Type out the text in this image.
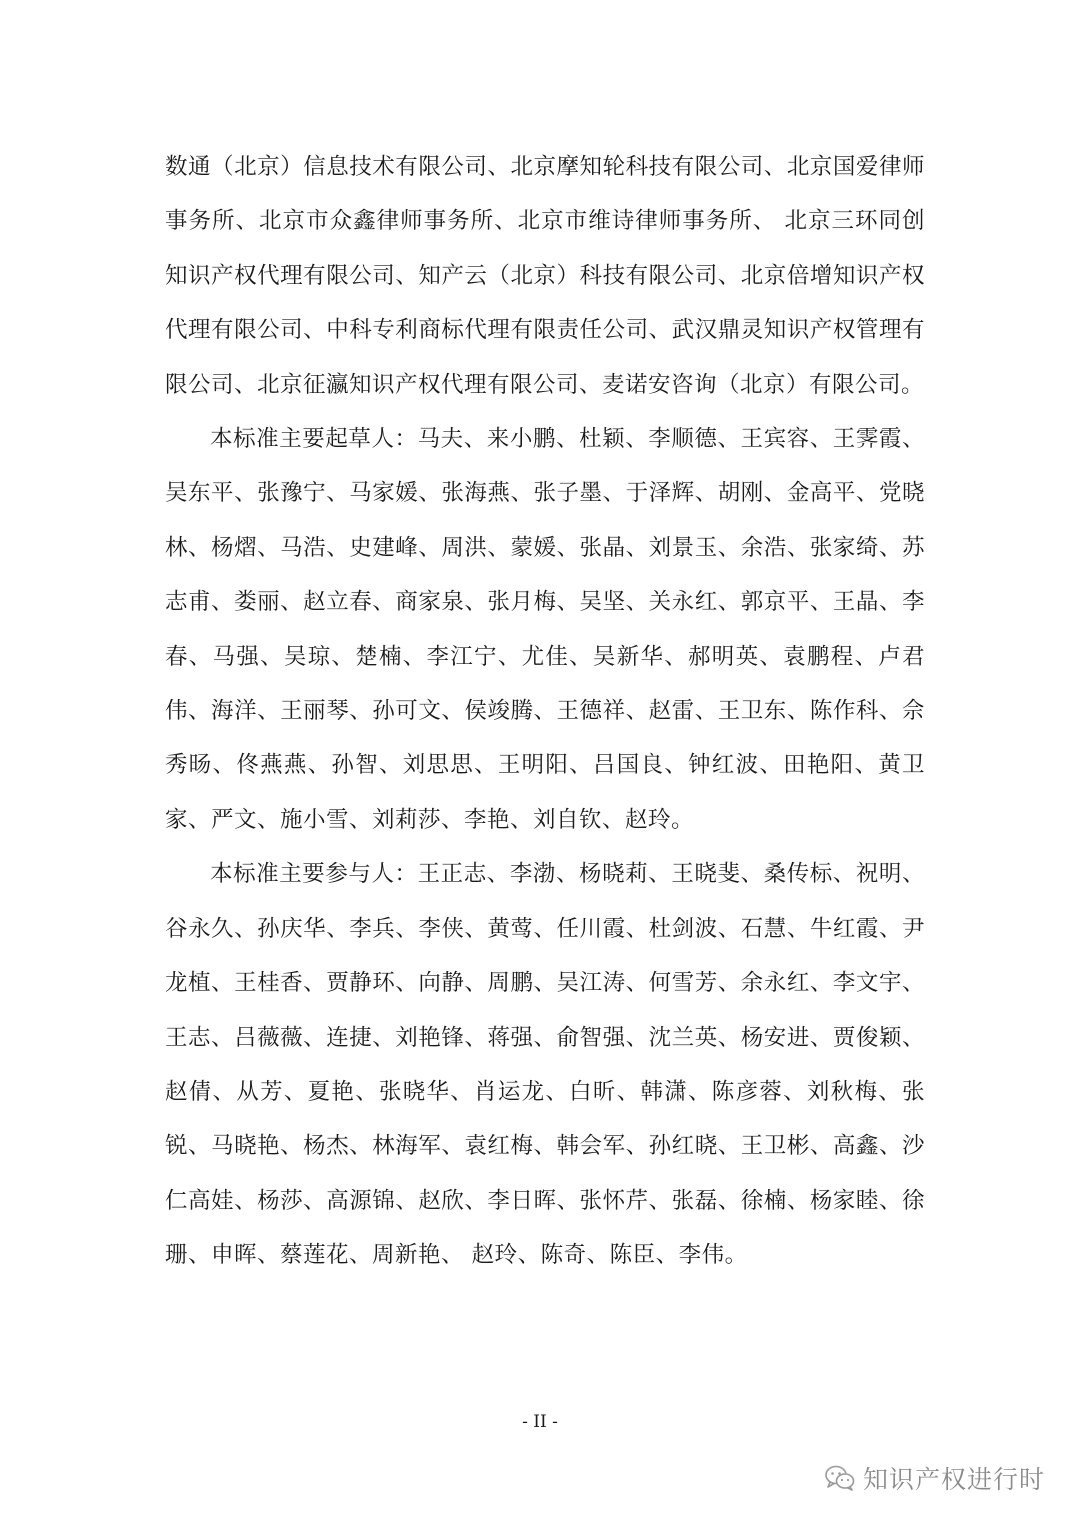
数通（北京）信息技术有限公司、北京摩知轮科技有限公司、北京国爱律师事务所、北京市众鑫律师事务所、北京市维诗律师事务所、 北京三环同创知识产权代理有限公司、知产云（北京）科技有限公司、北京倍增知识产权代理有限公司、中科专利商标代理有限责任公司、武汉鼎灵知识产权管理有限公司、北京征瀛知识产权代理有限公司、麦诺安咨询（北京）有限公司。

本标准主要起草人：马夫、来小鹏、杜颖、李顺德、王宾容、王霁霞、吴东平、张豫宁、马家媛、张海燕、张子墨、于泽辉、胡刚、金高平、党晓林、杨熠、马浩、史建峰、周洪、蒙媛、张晶、刘景玉、余浩、张家绮、苏志甫、娄丽、赵立春、商家泉、张月梅、吴坚、关永红、郭京平、王晶、李春、马强、吴琼、楚楠、李江宁、尤佳、吴新华、郝明英、袁鹏程、卢君伟、海洋、王丽琴、孙可文、侯竣腾、王德祥、赵雷、王卫东、陈作科、佘秀旸、佟燕燕、孙智、刘思思、王明阳、吕国良、钟红波、田艳阳、黄卫家、严文、施小雪、刘莉莎、李艳、刘自钦、赵玲。

本标准主要参与人：王正志、李渤、杨晓莉、王晓斐、桑传标、祝明、谷永久、孙庆华、李兵、李侠、黄莺、任川霞、杜剑波、石慧、牛红霞、尹龙植、王桂香、贾静环、向静、周鹏、吴江涛、何雪芳、余永红、李文宇、王志、吕薇薇、连捷、刘艳锋、蒋强、俞智强、沈兰英、杨安进、贾俊颖、赵倩、从芳、夏艳、张晓华、肖运龙、白昕、韩潇、陈彦蓉、刘秋梅、张锐、马晓艳、杨杰、林海军、袁红梅、韩会军、孙红晓、王卫彬、高鑫、沙仁高娃、杨莎、高源锦、赵欣、李日晖、张怀芹、张磊、徐楠、杨家睦、徐珊、申晖、蔡莲花、周新艳、 赵玲、陈奇、陈臣、李伟。

- II -
知识产权进行时
